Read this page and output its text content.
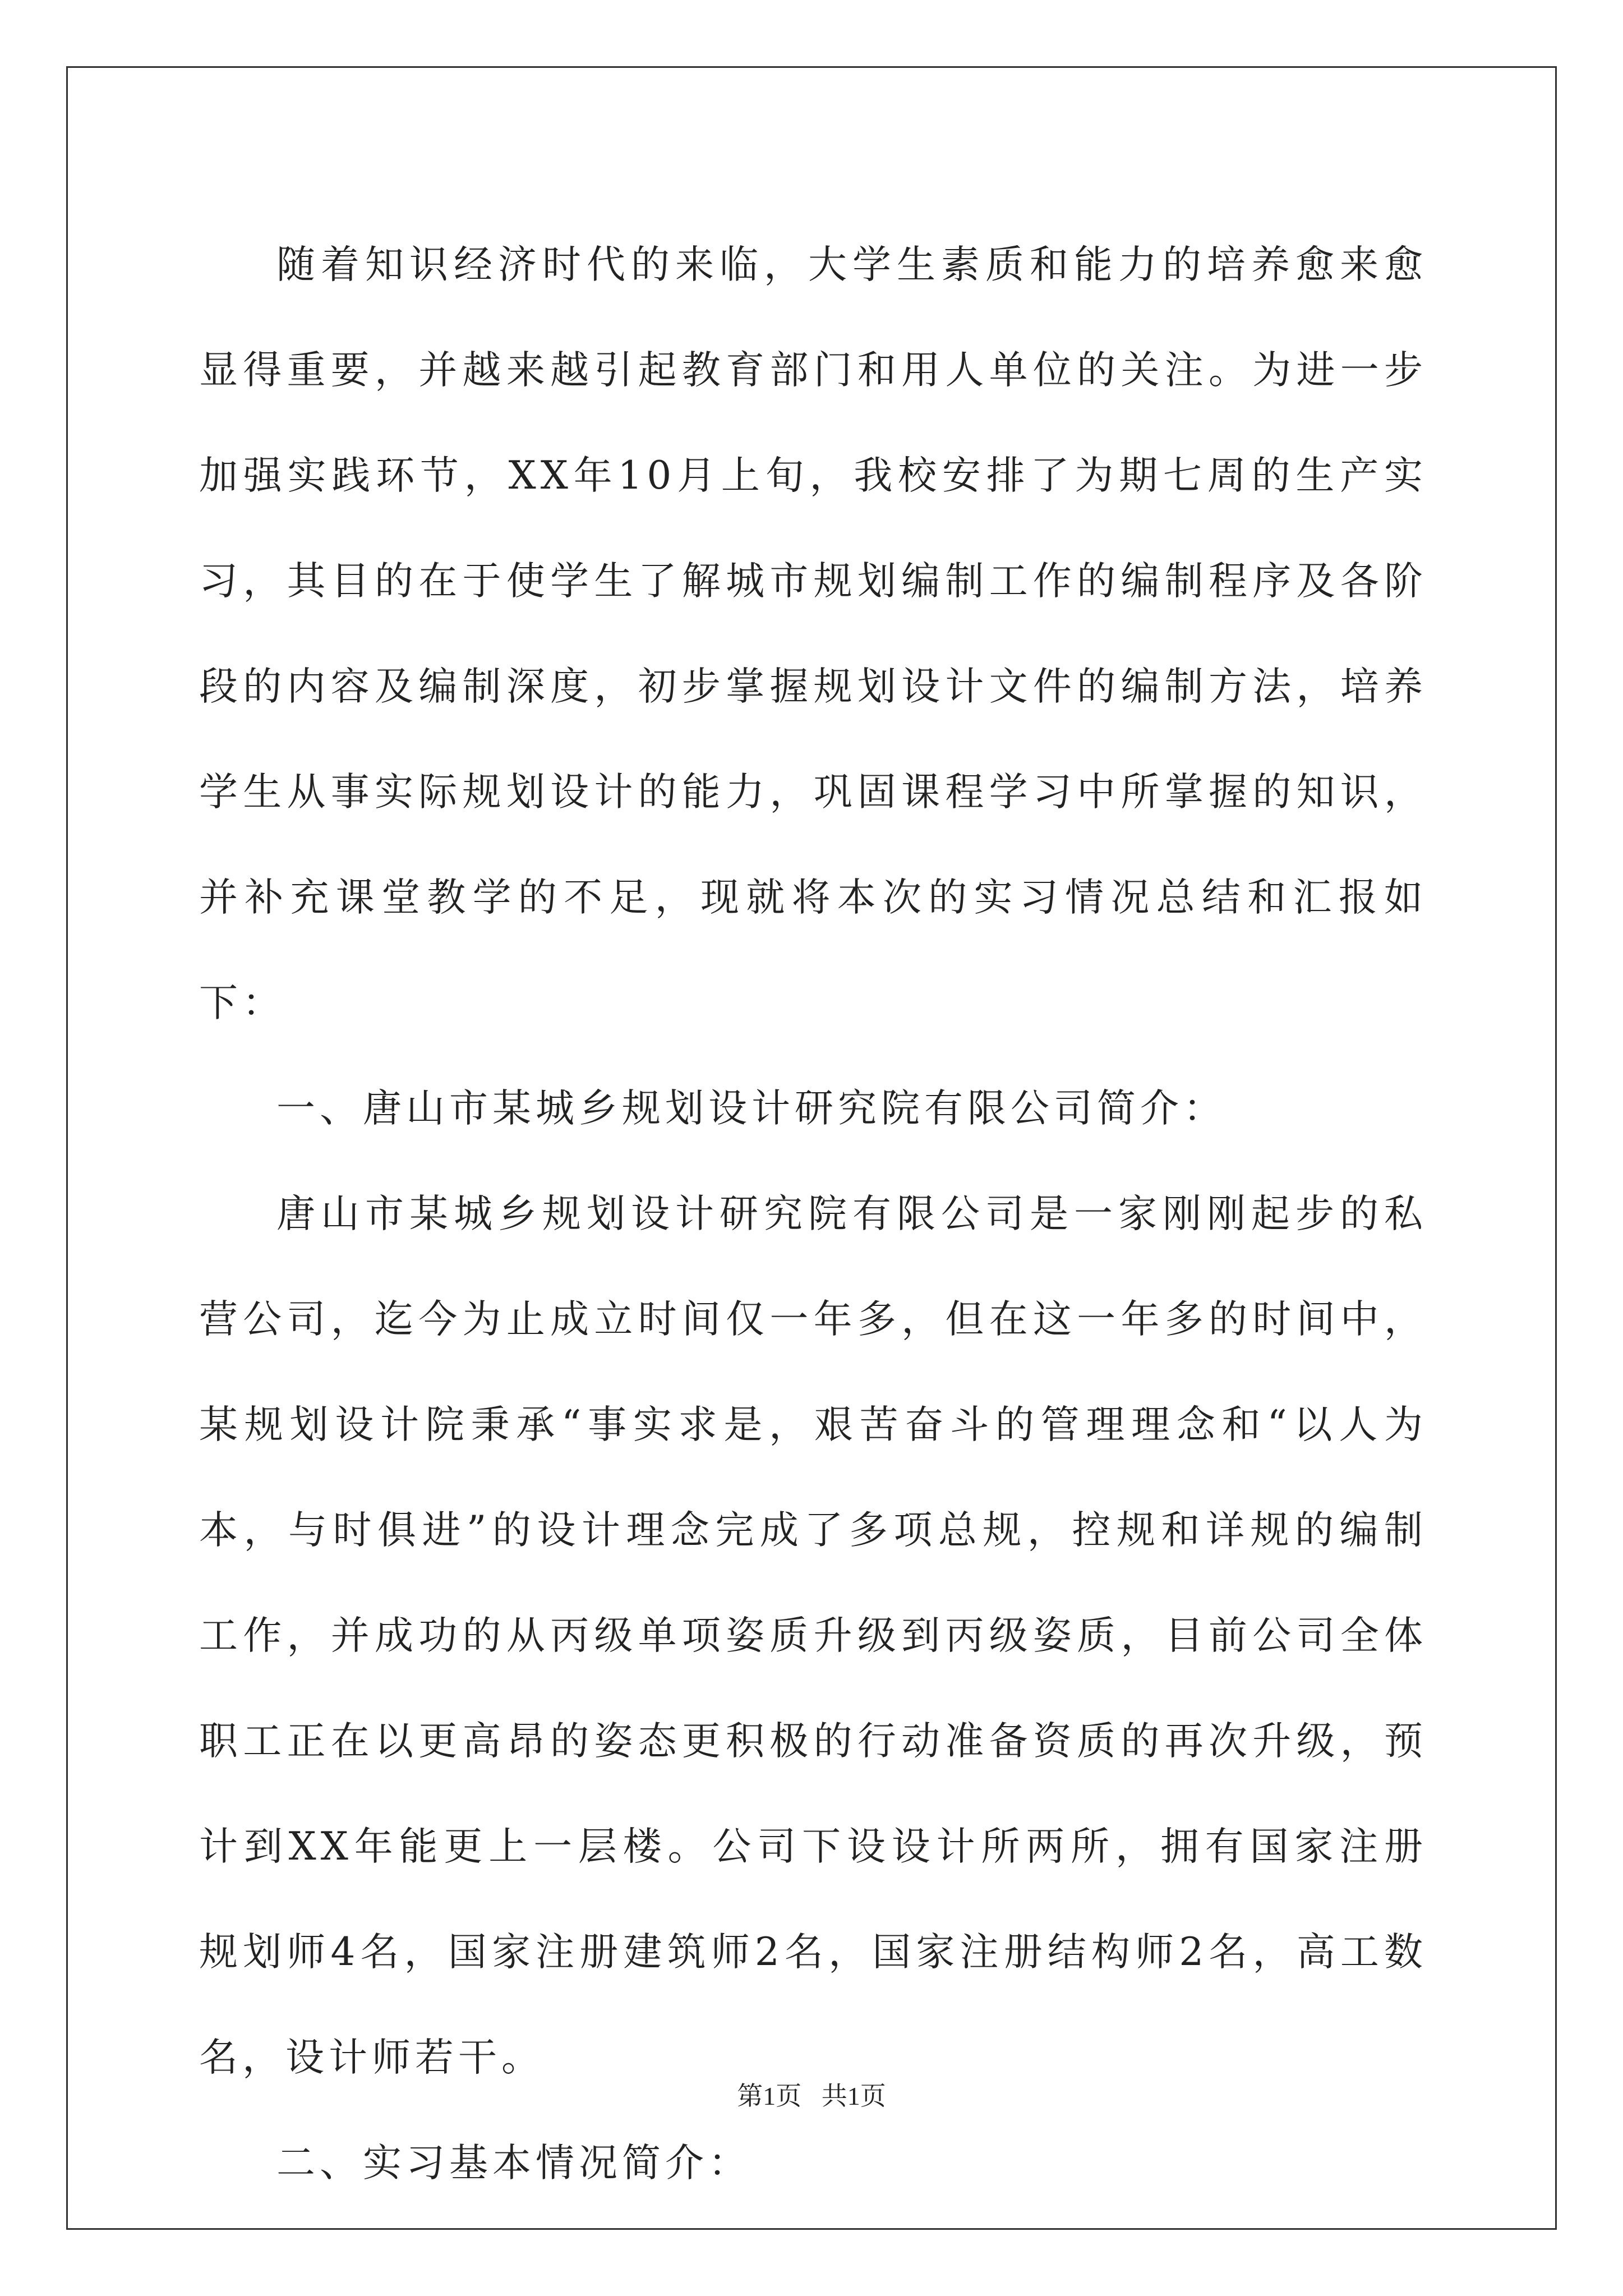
随着知识经济时代的来临，大学生素质和能力的培养愈来愈显得重要，并越来越引起教育部门和用人单位的关注。为进一步加强实践环节，XX年10月上旬，我校安排了为期七周的生产实习，其目的在于使学生了解城市规划编制工作的编制程序及各阶段的内容及编制深度，初步掌握规划设计文件的编制方法，培养学生从事实际规划设计的能力，巩固课程学习中所掌握的知识，并补充课堂教学的不足，现就将本次的实习情况总结和汇报如下：

一、唐山市某城乡规划设计研究院有限公司简介：

唐山市某城乡规划设计研究院有限公司是一家刚刚起步的私营公司，迄今为止成立时间仅一年多，但在这一年多的时间中，某规划设计院秉承“事实求是，艰苦奋斗的管理理念和“以人为本，与时俱进”的设计理念完成了多项总规，控规和详规的编制工作，并成功的从丙级单项姿质升级到丙级姿质，目前公司全体职工正在以更高昂的姿态更积极的行动准备资质的再次升级，预计到XX年能更上一层楼。公司下设设计所两所，拥有国家注册规划师4名，国家注册建筑师2名，国家注册结构师2名，高工数名，设计师若干。

二、实习基本情况简介：

第1页 共1页
